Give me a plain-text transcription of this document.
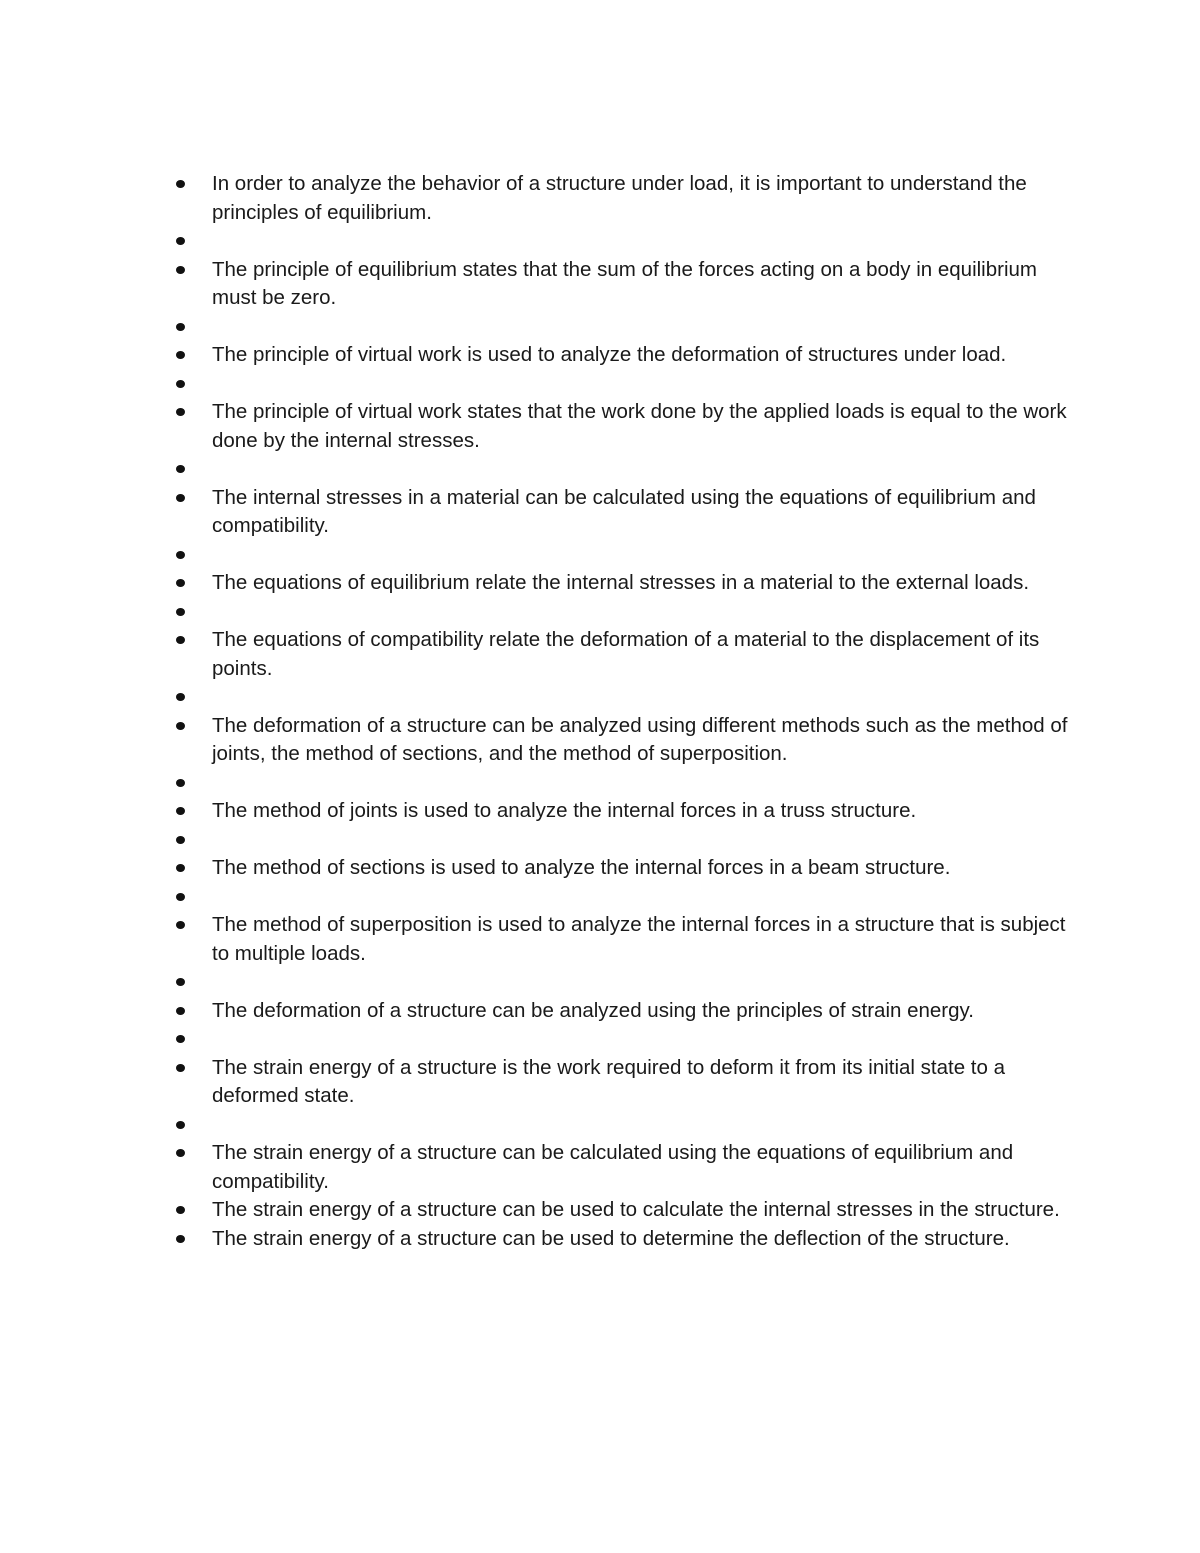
In order to analyze the behavior of a structure under load, it is important to understand the principles of equilibrium.
The principle of equilibrium states that the sum of the forces acting on a body in equilibrium must be zero.
The principle of virtual work is used to analyze the deformation of structures under load.
The principle of virtual work states that the work done by the applied loads is equal to the work done by the internal stresses.
The internal stresses in a material can be calculated using the equations of equilibrium and compatibility.
The equations of equilibrium relate the internal stresses in a material to the external loads.
The equations of compatibility relate the deformation of a material to the displacement of its points.
The deformation of a structure can be analyzed using different methods such as the method of joints, the method of sections, and the method of superposition.
The method of joints is used to analyze the internal forces in a truss structure.
The method of sections is used to analyze the internal forces in a beam structure.
The method of superposition is used to analyze the internal forces in a structure that is subject to multiple loads.
The deformation of a structure can be analyzed using the principles of strain energy.
The strain energy of a structure is the work required to deform it from its initial state to a deformed state.
The strain energy of a structure can be calculated using the equations of equilibrium and compatibility.
The strain energy of a structure can be used to calculate the internal stresses in the structure.
The strain energy of a structure can be used to determine the deflection of the structure.
